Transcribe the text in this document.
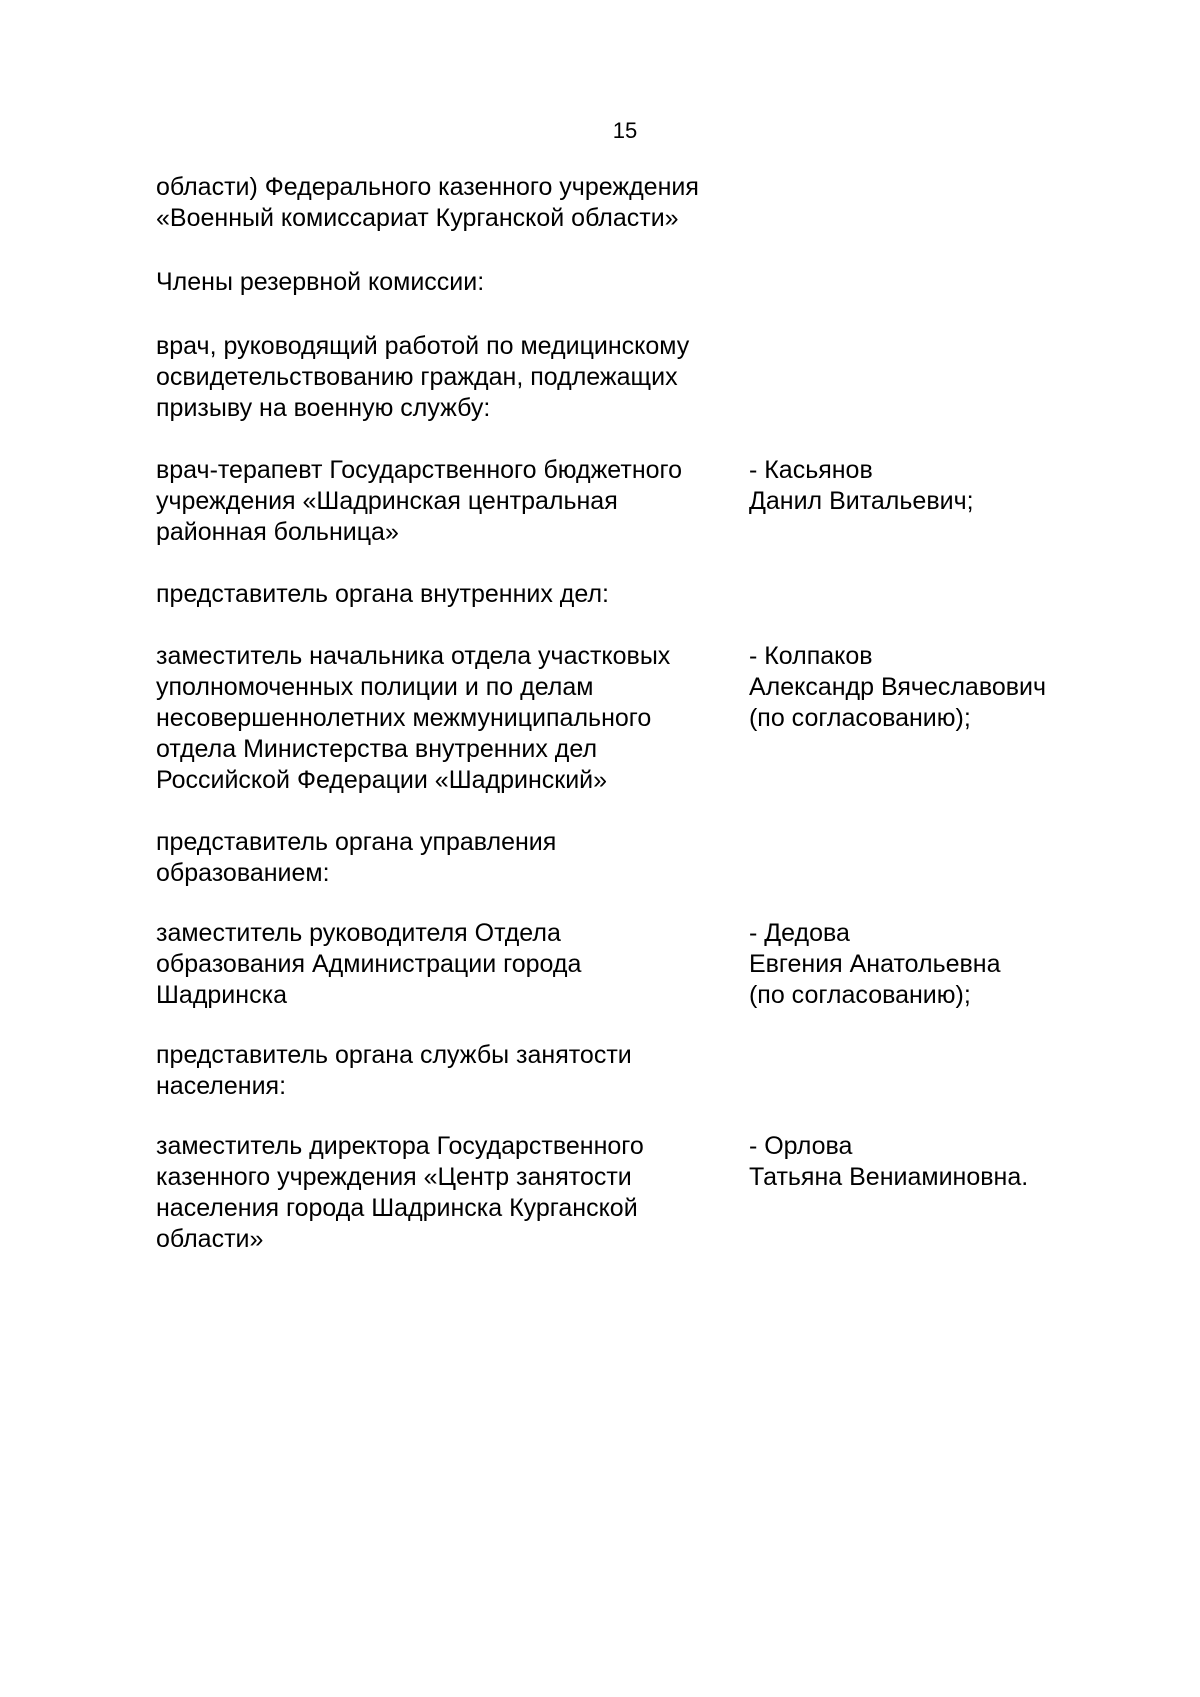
15
области) Федерального казенного учреждения
«Военный комиссариат Курганской области»
Члены резервной комиссии:
врач, руководящий работой по медицинскому
освидетельствованию граждан, подлежащих
призыву на военную службу:
врач-терапевт Государственного бюджетного
учреждения «Шадринская центральная
районная больница»
- Касьянов
Данил Витальевич;
представитель органа внутренних дел:
заместитель начальника отдела участковых
уполномоченных полиции и по делам
несовершеннолетних межмуниципального
отдела Министерства внутренних дел
Российской Федерации «Шадринский»
- Колпаков
Александр Вячеславович
(по согласованию);
представитель органа управления
образованием:
заместитель руководителя Отдела
образования Администрации города
Шадринска
- Дедова
Евгения Анатольевна
(по согласованию);
представитель органа службы занятости
населения:
заместитель директора Государственного
казенного учреждения «Центр занятости
населения города Шадринска Курганской
области»
- Орлова
Татьяна Вениаминовна.
